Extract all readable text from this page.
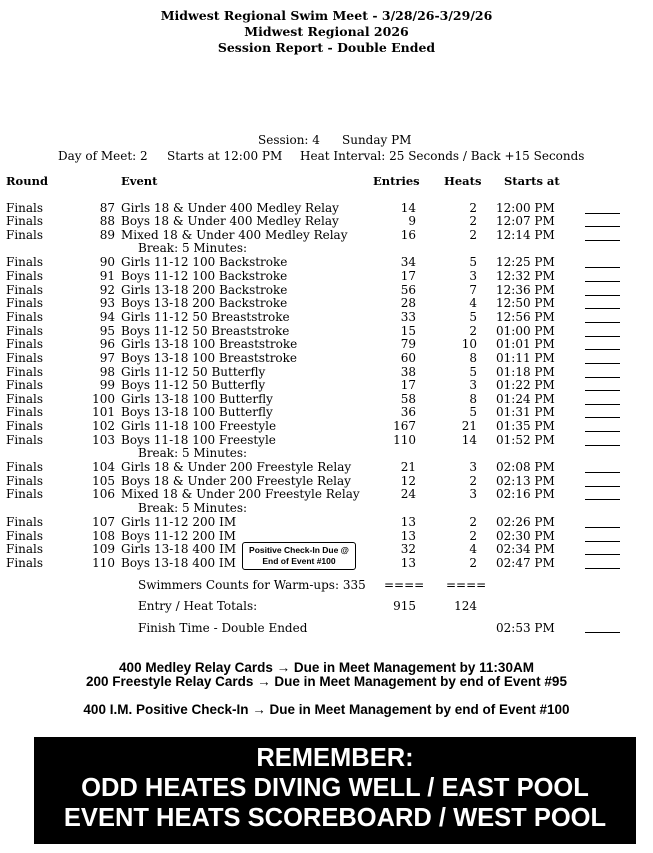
Midwest Regional Swim Meet - 3/28/26-3/29/26
Midwest Regional 2026
Session Report - Double Ended
Session: 4 Sunday PM
Day of Meet: 2 Starts at 12:00 PM Heat Interval: 25 Seconds / Back +15 Seconds
Round	Event	Entries Heats Starts at
Finals	87 Girls 18 & Under 400 Medley Relay	14	2 12:00 PM
Finals	88 Boys 18 & Under 400 Medley Relay	9	2 12:07 PM
Finals	89 Mixed 18 & Under 400 Medley Relay	16	2 12:14 PM
Finals	90 Girls 11-12 100 Backstroke	34	5 12:25 PM
Finals	91 Boys 11-12 100 Backstroke	17	3 12:32 PM
Finals	92 Girls 13-18 200 Backstroke	56	7 12:36 PM
Finals	93 Boys 13-18 200 Backstroke	28	4 12:50 PM
Finals	94 Girls 11-12 50 Breaststroke	33	5 12:56 PM
Finals	95 Boys 11-12 50 Breaststroke	15	2 01:00 PM
Finals	96 Girls 13-18 100 Breaststroke	79	10 01:01 PM
Finals	97 Boys 13-18 100 Breaststroke	60	8 01:11 PM
Finals	98 Girls 11-12 50 Butterfly	38	5 01:18 PM
Finals	99 Boys 11-12 50 Butterfly	17	3 01:22 PM
Finals	100 Girls 13-18 100 Butterfly	58	8 01:24 PM
Finals	101 Boys 13-18 100 Butterfly	36	5 01:31 PM
Finals	102 Girls 11-18 100 Freestyle	167	21 01:35 PM
Finals	103 Boys 11-18 100 Freestyle	110	14 01:52 PM
Finals	104 Girls 18 & Under 200 Freestyle Relay	21	3 02:08 PM
Finals	105 Boys 18 & Under 200 Freestyle Relay	12	2 02:13 PM
Finals	106 Mixed 18 & Under 200 Freestyle Relay	24	3 02:16 PM
Finals	107 Girls 11-12 200 IM	13	2 02:26 PM
Finals	108 Boys 11-12 200 IM	13	2 02:30 PM
Finals	109 Girls 13-18 400 IM	32	4 02:34 PM
Finals	110 Boys 13-18 400 IM	13	2 02:47 PM
Break: 5 Minutes:
Break: 5 Minutes:
Break: 5 Minutes:
Positive Check-In Due @
End of Event #100
Swimmers Counts for Warm-ups: 335 ==== ====
Entry / Heat Totals:	915	124
Finish Time - Double Ended	02:53 PM
400 Medley Relay Cards → Due in Meet Management by 11:30AM
200 Freestyle Relay Cards → Due in Meet Management by end of Event #95
400 I.M. Positive Check-In → Due in Meet Management by end of Event #100
REMEMBER:
ODD HEATES DIVING WELL / EAST POOL
EVENT HEATS SCOREBOARD / WEST POOL
